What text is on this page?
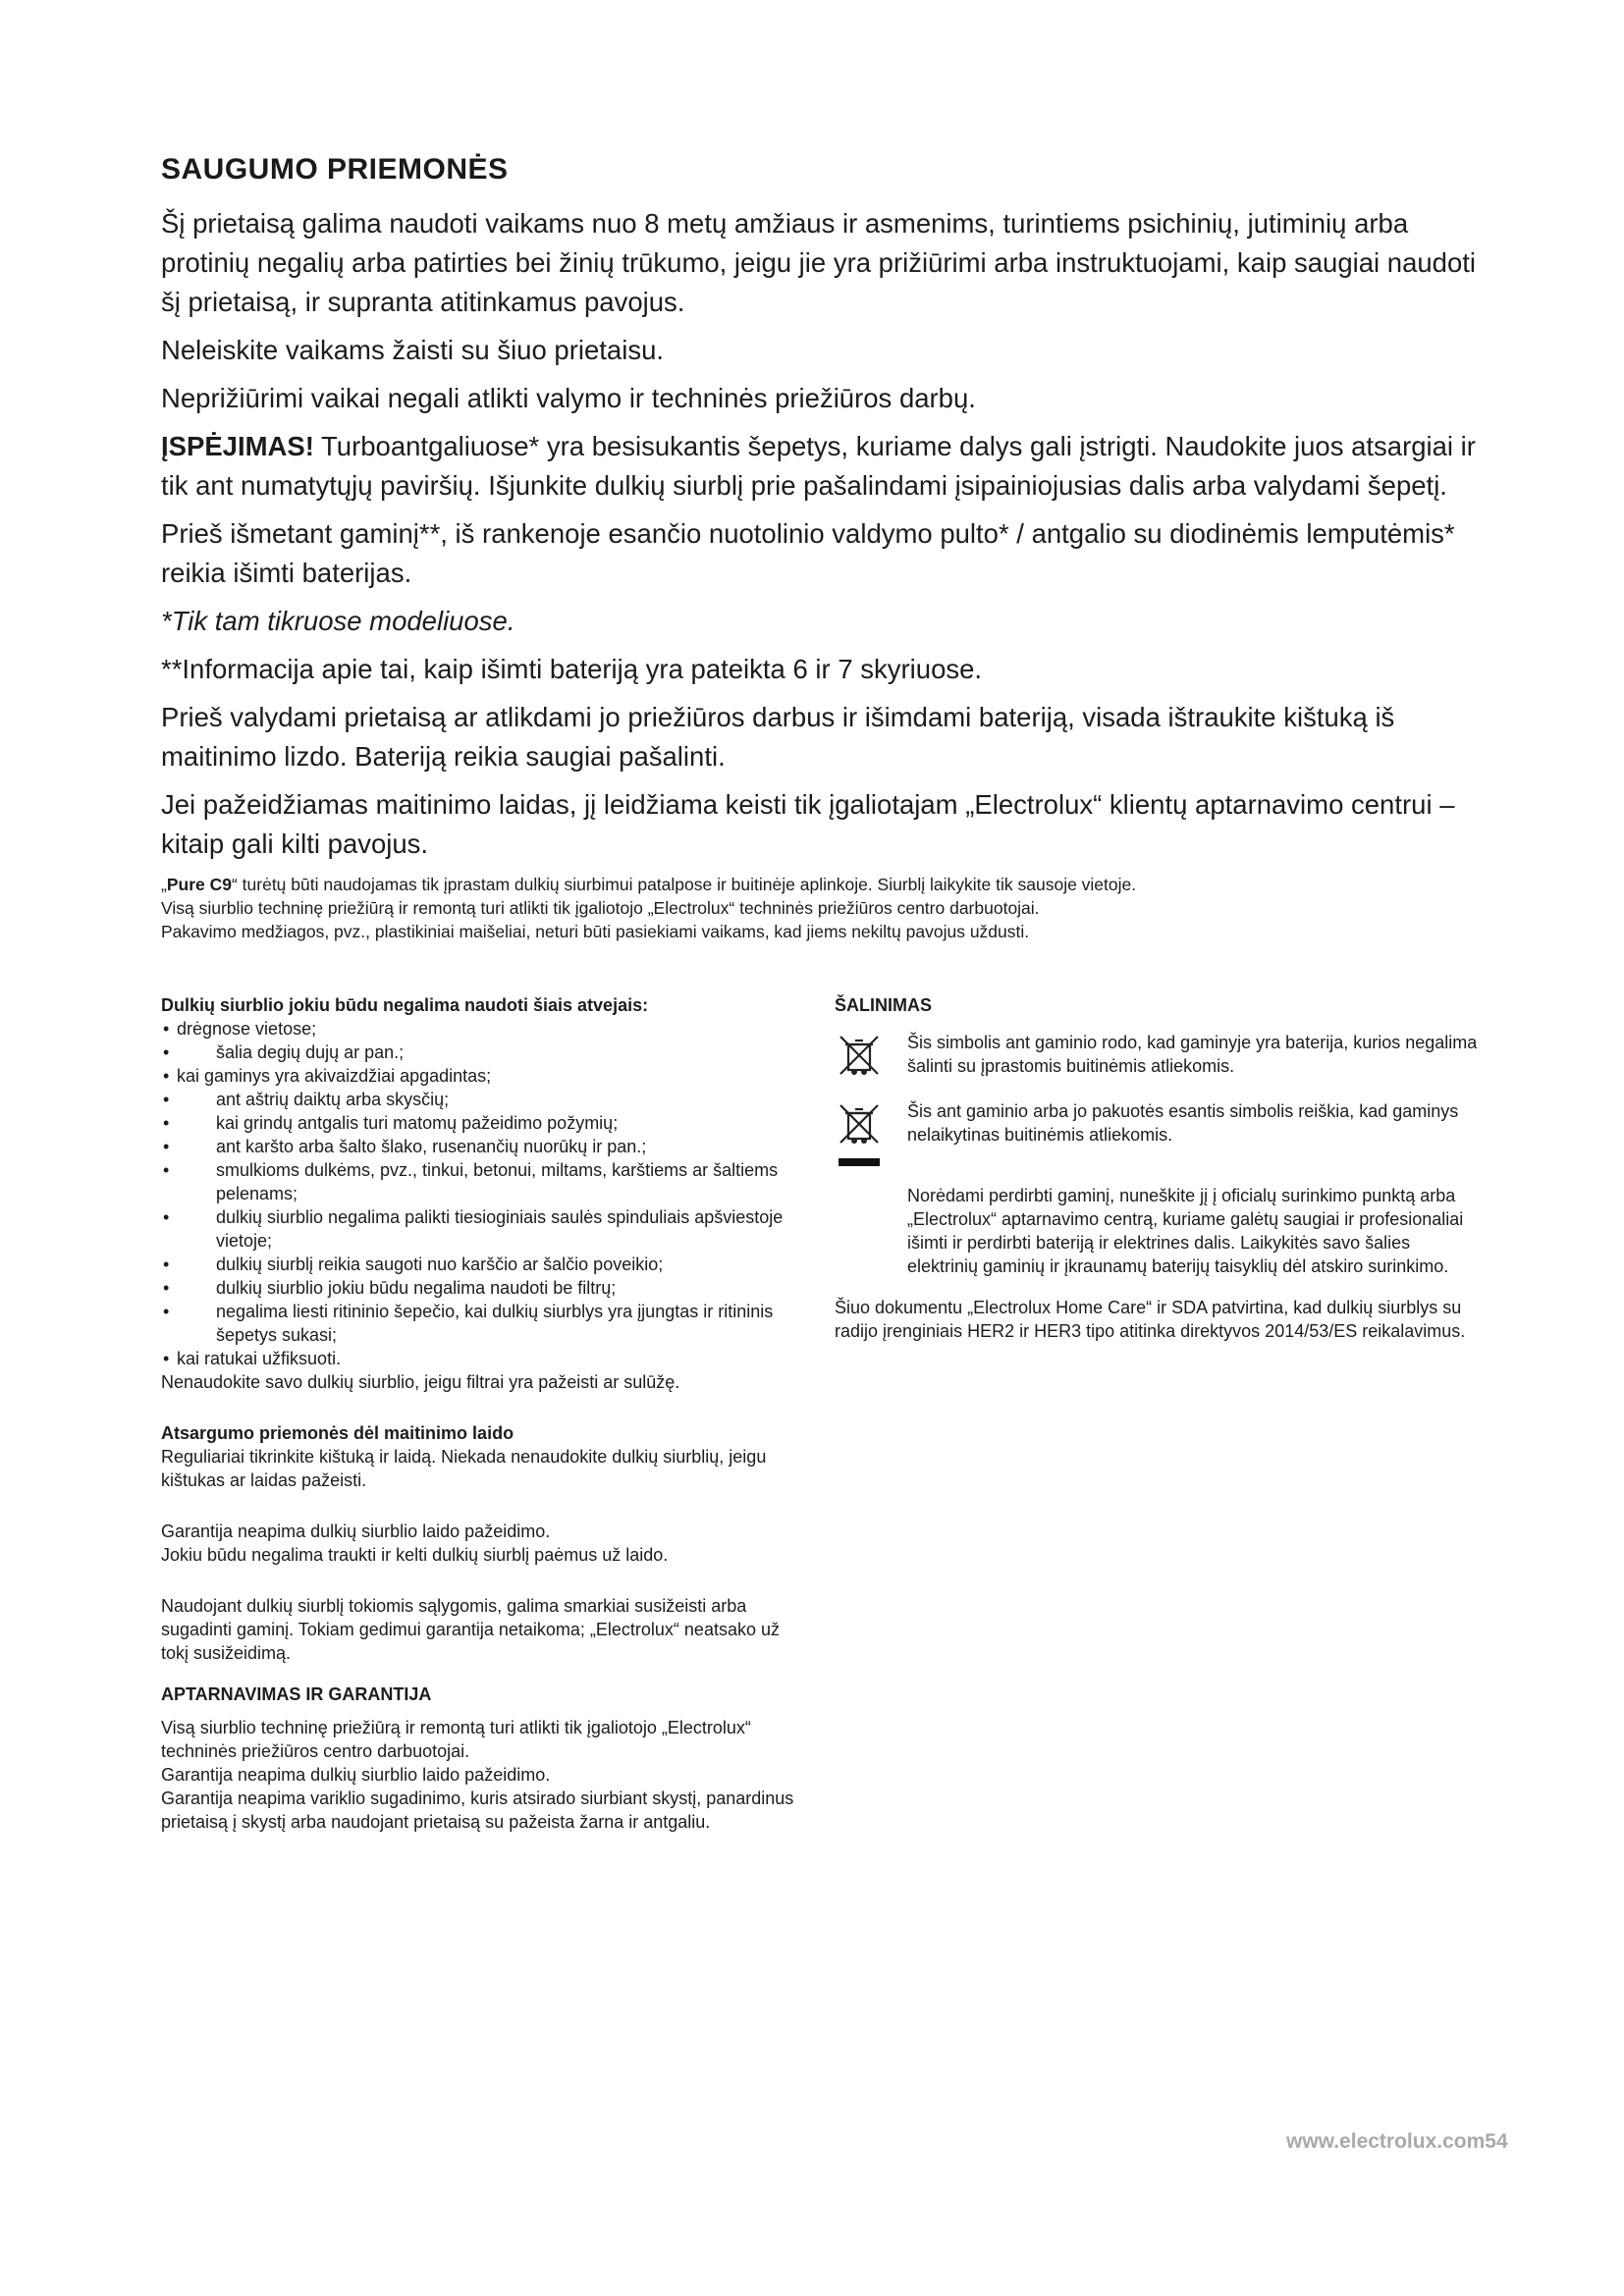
SAUGUMO PRIEMONĖS

Šį prietaisą galima naudoti vaikams nuo 8 metų amžiaus ir asmenims, turintiems psichinių, jutiminių arba protinių negalių arba patirties bei žinių trūkumo, jeigu jie yra prižiūrimi arba instruktuojami, kaip saugiai naudoti šį prietaisą, ir supranta atitinkamus pavojus.

Neleiskite vaikams žaisti su šiuo prietaisu.

Neprižiūrimi vaikai negali atlikti valymo ir techninės priežiūros darbų.

ĮSPĖJIMAS! Turboantgaliuose* yra besisukantis šepetys, kuriame dalys gali įstrigti. Naudokite juos atsargiai ir tik ant numatytųjų paviršių. Išjunkite dulkių siurblį prie pašalindami įsipainiojusias dalis arba valydami šepetį.

Prieš išmetant gaminį**, iš rankenoje esančio nuotolinio valdymo pulto* / antgalio su diodinėmis lemputėmis* reikia išimti baterijas.

*Tik tam tikruose modeliuose.

**Informacija apie tai, kaip išimti bateriją yra pateikta 6 ir 7 skyriuose.

Prieš valydami prietaisą ar atlikdami jo priežiūros darbus ir išimdami bateriją, visada ištraukite kištuką iš maitinimo lizdo. Bateriją reikia saugiai pašalinti.

Jei pažeidžiamas maitinimo laidas, jį leidžiama keisti tik įgaliotajam „Electrolux“ klientų aptarnavimo centrui – kitaip gali kilti pavojus.

„Pure C9“ turėtų būti naudojamas tik įprastam dulkių siurbimui patalpose ir buitinėje aplinkoje. Siurblį laikykite tik sausoje vietoje.

Visą siurblio techninę priežiūrą ir remontą turi atlikti tik įgaliotojo „Electrolux“ techninės priežiūros centro darbuotojai.

Pakavimo medžiagos, pvz., plastikiniai maišeliai, neturi būti pasiekiami vaikams, kad jiems nekiltų pavojus uždusti.

Dulkių siurblio jokiu būdu negalima naudoti šiais atvejais:

• drėgnose vietose;
• šalia degių dujų ar pan.;
• kai gaminys yra akivaizdžiai apgadintas;
• ant aštrių daiktų arba skysčių;
• kai grindų antgalis turi matomų pažeidimo požymių;
• ant karšto arba šalto šlako, rusenančių nuorūkų ir pan.;
• smulkioms dulkėms, pvz., tinkui, betonui, miltams, karštiems ar šaltiems pelenams;
• dulkių siurblio negalima palikti tiesioginiais saulės spinduliais apšviestoje vietoje;
• dulkių siurblį reikia saugoti nuo karščio ar šalčio poveikio;
• dulkių siurblio jokiu būdu negalima naudoti be filtrų;
• negalima liesti ritininio šepečio, kai dulkių siurblys yra įjungtas ir ritininis šepetys sukasi;
• kai ratukai užfiksuoti.

Nenaudokite savo dulkių siurblio, jeigu filtrai yra pažeisti ar sulūžę.

Atsargumo priemonės dėl maitinimo laido

Reguliariai tikrinkite kištuką ir laidą. Niekada nenaudokite dulkių siurblių, jeigu kištukas ar laidas pažeisti.

Garantija neapima dulkių siurblio laido pažeidimo.

Jokiu būdu negalima traukti ir kelti dulkių siurblį paėmus už laido.

Naudojant dulkių siurblį tokiomis sąlygomis, galima smarkiai susižeisti arba sugadinti gaminį. Tokiam gedimui garantija netaikoma; „Electrolux“ neatsako už tokį susižeidimą.

APTARNAVIMAS IR GARANTIJA

Visą siurblio techninę priežiūrą ir remontą turi atlikti tik įgaliotojo „Electrolux“ techninės priežiūros centro darbuotojai.

Garantija neapima dulkių siurblio laido pažeidimo.

Garantija neapima variklio sugadinimo, kuris atsirado siurbiant skystį, panardinus prietaisą į skystį arba naudojant prietaisą su pažeista žarna ir antgaliu.

ŠALINIMAS

Šis simbolis ant gaminio rodo, kad gaminyje yra baterija, kurios negalima šalinti su įprastomis buitinėmis atliekomis.
Šis ant gaminio arba jo pakuotės esantis simbolis reiškia, kad gaminys nelaikytinas buitinėmis atliekomis.

Norėdami perdirbti gaminį, nuneškite jį į oficialų surinkimo punktą arba „Electrolux“ aptarnavimo centrą, kuriame galėtų saugiai ir profesionaliai išimti ir perdirbti bateriją ir elektrines dalis. Laikykitės savo šalies elektrinių gaminių ir įkraunamų baterijų taisyklių dėl atskiro surinkimo.

Šiuo dokumentu „Electrolux Home Care“ ir SDA patvirtina, kad dulkių siurblys su radijo įrenginiais HER2 ir HER3 tipo atitinka direktyvos 2014/53/ES reikalavimus.

www.electrolux.com54
